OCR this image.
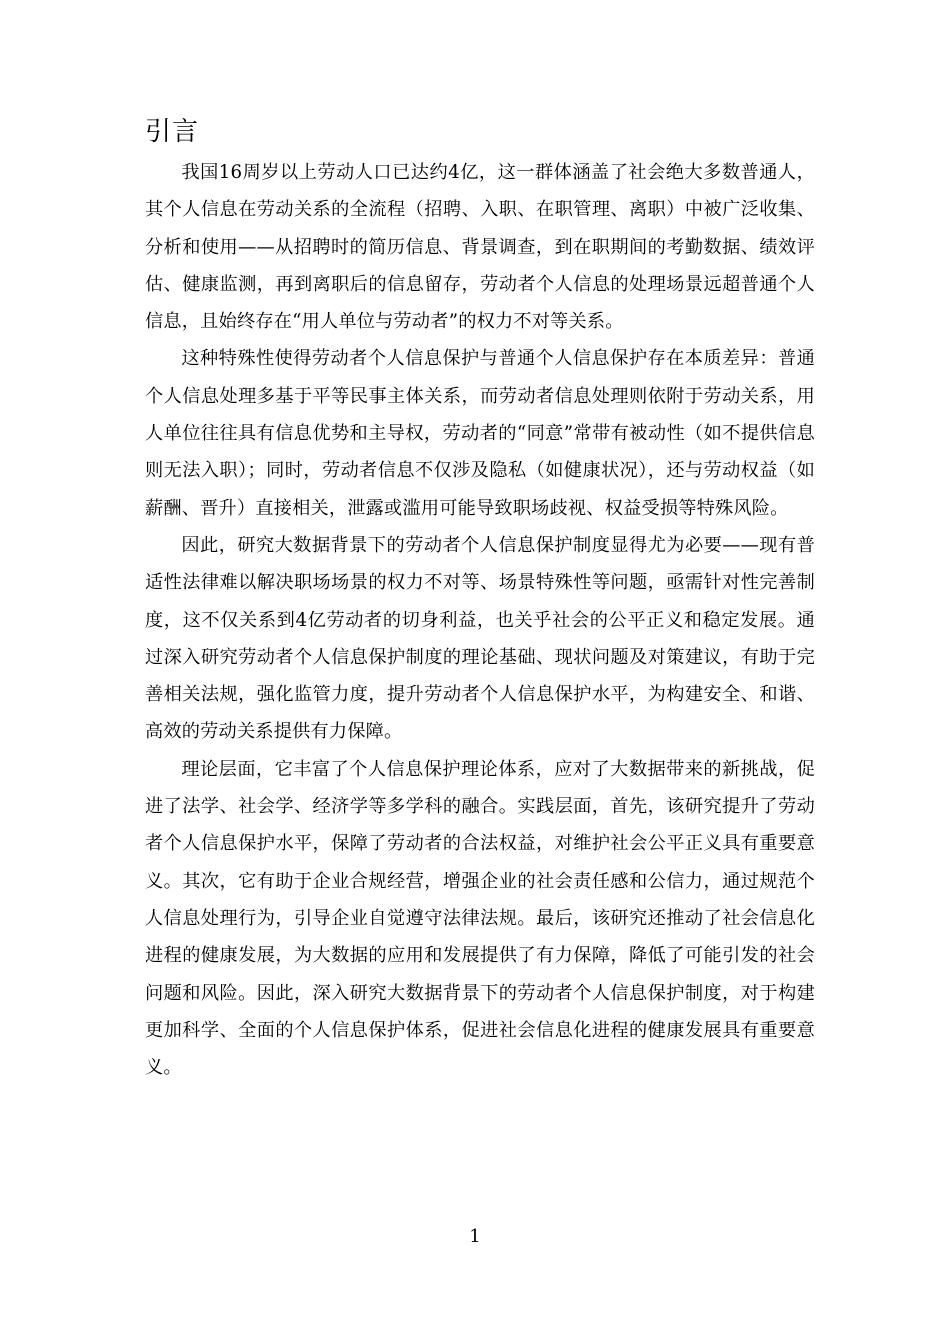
引言

我国16周岁以上劳动人口已达约4亿，这一群体涵盖了社会绝大多数普通人，其个人信息在劳动关系的全流程（招聘、入职、在职管理、离职）中被广泛收集、分析和使用——从招聘时的简历信息、背景调查，到在职期间的考勤数据、绩效评估、健康监测，再到离职后的信息留存，劳动者个人信息的处理场景远超普通个人信息，且始终存在“用人单位与劳动者”的权力不对等关系。

这种特殊性使得劳动者个人信息保护与普通个人信息保护存在本质差异：普通个人信息处理多基于平等民事主体关系，而劳动者信息处理则依附于劳动关系，用人单位往往具有信息优势和主导权，劳动者的“同意”常带有被动性（如不提供信息则无法入职）；同时，劳动者信息不仅涉及隐私（如健康状况），还与劳动权益（如薪酬、晋升）直接相关，泄露或滥用可能导致职场歧视、权益受损等特殊风险。

因此，研究大数据背景下的劳动者个人信息保护制度显得尤为必要——现有普适性法律难以解决职场场景的权力不对等、场景特殊性等问题，亟需针对性完善制度，这不仅关系到4亿劳动者的切身利益，也关乎社会的公平正义和稳定发展。通过深入研究劳动者个人信息保护制度的理论基础、现状问题及对策建议，有助于完善相关法规，强化监管力度，提升劳动者个人信息保护水平，为构建安全、和谐、高效的劳动关系提供有力保障。

理论层面，它丰富了个人信息保护理论体系，应对了大数据带来的新挑战，促进了法学、社会学、经济学等多学科的融合。实践层面，首先，该研究提升了劳动者个人信息保护水平，保障了劳动者的合法权益，对维护社会公平正义具有重要意义。其次，它有助于企业合规经营，增强企业的社会责任感和公信力，通过规范个人信息处理行为，引导企业自觉遵守法律法规。最后，该研究还推动了社会信息化进程的健康发展，为大数据的应用和发展提供了有力保障，降低了可能引发的社会问题和风险。因此，深入研究大数据背景下的劳动者个人信息保护制度，对于构建更加科学、全面的个人信息保护体系，促进社会信息化进程的健康发展具有重要意义。

1
